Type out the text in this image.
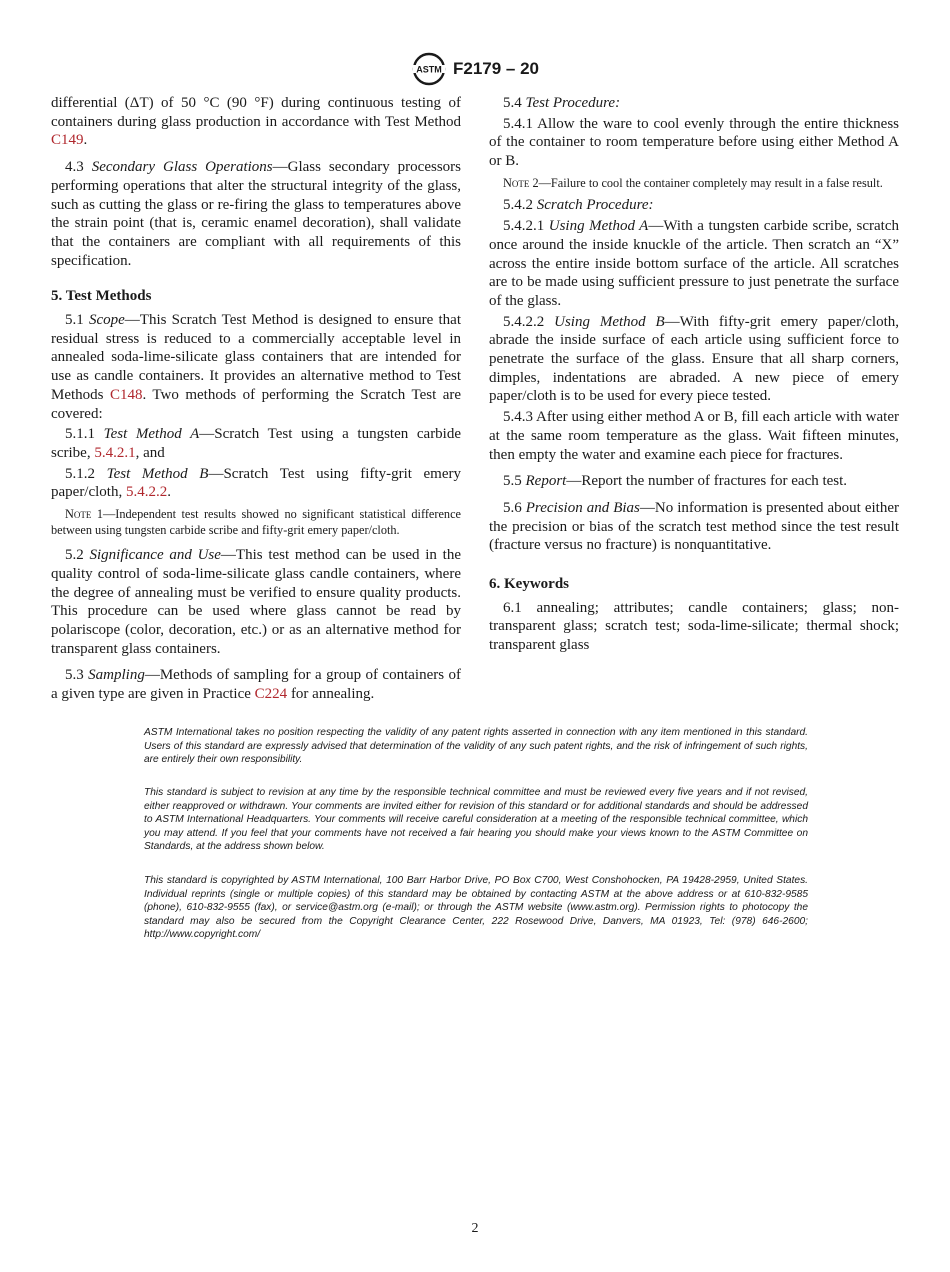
ASTM F2179 – 20

differential (ΔT) of 50 °C (90 °F) during continuous testing of containers during glass production in accordance with Test Method C149.

4.3 Secondary Glass Operations—Glass secondary processors performing operations that alter the structural integrity of the glass, such as cutting the glass or re-firing the glass to temperatures above the strain point (that is, ceramic enamel decoration), shall validate that the containers are compliant with all requirements of this specification.

5. Test Methods

5.1 Scope—This Scratch Test Method is designed to ensure that residual stress is reduced to a commercially acceptable level in annealed soda-lime-silicate glass containers that are intended for use as candle containers. It provides an alternative method to Test Methods C148. Two methods of performing the Scratch Test are covered:

5.1.1 Test Method A—Scratch Test using a tungsten carbide scribe, 5.4.2.1, and

5.1.2 Test Method B—Scratch Test using fifty-grit emery paper/cloth, 5.4.2.2.

Note 1—Independent test results showed no significant statistical difference between using tungsten carbide scribe and fifty-grit emery paper/cloth.

5.2 Significance and Use—This test method can be used in the quality control of soda-lime-silicate glass candle containers, where the degree of annealing must be verified to ensure quality products. This procedure can be used where glass cannot be read by polariscope (color, decoration, etc.) or as an alternative method for transparent glass containers.

5.3 Sampling—Methods of sampling for a group of containers of a given type are given in Practice C224 for annealing.

5.4 Test Procedure:

5.4.1 Allow the ware to cool evenly through the entire thickness of the container to room temperature before using either Method A or B.

Note 2—Failure to cool the container completely may result in a false result.

5.4.2 Scratch Procedure:

5.4.2.1 Using Method A—With a tungsten carbide scribe, scratch once around the inside knuckle of the article. Then scratch an “X” across the entire inside bottom surface of the article. All scratches are to be made using sufficient pressure to just penetrate the surface of the glass.

5.4.2.2 Using Method B—With fifty-grit emery paper/cloth, abrade the inside surface of each article using sufficient force to penetrate the surface of the glass. Ensure that all sharp corners, dimples, indentations are abraded. A new piece of emery paper/cloth is to be used for every piece tested.

5.4.3 After using either method A or B, fill each article with water at the same room temperature as the glass. Wait fifteen minutes, then empty the water and examine each piece for fractures.

5.5 Report—Report the number of fractures for each test.

5.6 Precision and Bias—No information is presented about either the precision or bias of the scratch test method since the test result (fracture versus no fracture) is nonquantitative.

6. Keywords

6.1 annealing; attributes; candle containers; glass; non-transparent glass; scratch test; soda-lime-silicate; thermal shock; transparent glass

ASTM International takes no position respecting the validity of any patent rights asserted in connection with any item mentioned in this standard. Users of this standard are expressly advised that determination of the validity of any such patent rights, and the risk of infringement of such rights, are entirely their own responsibility.

This standard is subject to revision at any time by the responsible technical committee and must be reviewed every five years and if not revised, either reapproved or withdrawn. Your comments are invited either for revision of this standard or for additional standards and should be addressed to ASTM International Headquarters. Your comments will receive careful consideration at a meeting of the responsible technical committee, which you may attend. If you feel that your comments have not received a fair hearing you should make your views known to the ASTM Committee on Standards, at the address shown below.

This standard is copyrighted by ASTM International, 100 Barr Harbor Drive, PO Box C700, West Conshohocken, PA 19428-2959, United States. Individual reprints (single or multiple copies) of this standard may be obtained by contacting ASTM at the above address or at 610-832-9585 (phone), 610-832-9555 (fax), or service@astm.org (e-mail); or through the ASTM website (www.astm.org). Permission rights to photocopy the standard may also be secured from the Copyright Clearance Center, 222 Rosewood Drive, Danvers, MA 01923, Tel: (978) 646-2600; http://www.copyright.com/

2
